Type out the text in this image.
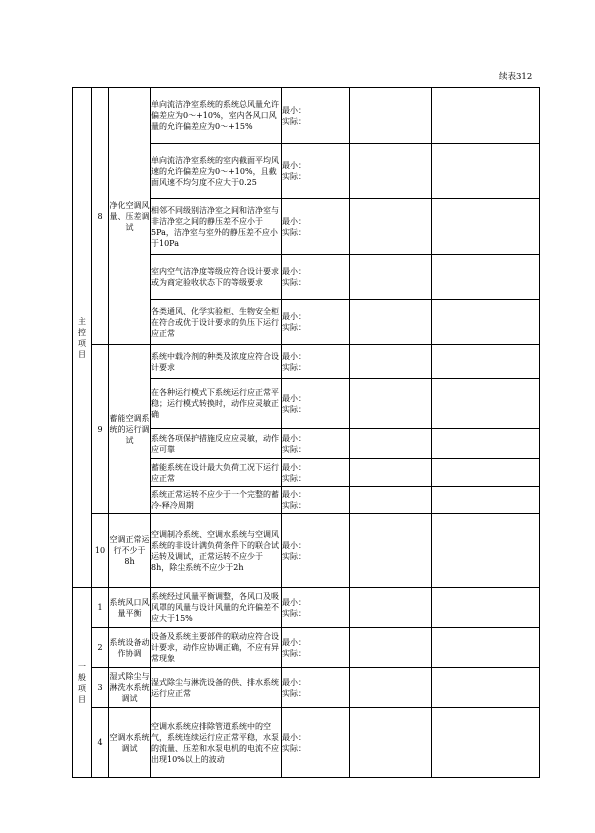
续表312
主控项目	8	净化空调风量、压差调试	单向流洁净室系统的系统总风量允许偏差应为0～+10%，室内各风口风量的允许偏差应为0～+15%	最小：
实际：		

			单向流洁净室系统的室内截面平均风速的允许偏差应为0～+10%，且截面风速不均匀度不应大于0.25	最小：
实际：		

			相邻不同级别洁净室之间和洁净室与非洁净室之间的静压差不应小于5Pa，洁净室与室外的静压差不应小于10Pa	最小：
实际：		

			室内空气洁净度等级应符合设计要求或为商定验收状态下的等级要求	最小：
实际：		

			各类通风、化学实验柜、生物安全柜在符合或优于设计要求的负压下运行应正常	最小：
实际：		

	9	蓄能空调系统的运行调试	系统中载冷剂的种类及浓度应符合设计要求	最小：
实际：		

			在各种运行模式下系统运行应正常平稳；运行模式转换时，动作应灵敏正确	最小：
实际：		

			系统各项保护措施反应应灵敏，动作应可靠	最小：
实际：		

			蓄能系统在设计最大负荷工况下运行应正常	最小：
实际：		

			系统正常运转不应少于一个完整的蓄冷-释冷周期	最小：
实际：		

	10	空调正常运行不少于8h	空调制冷系统、空调水系统与空调风系统的非设计满负荷条件下的联合试运转及调试，正常运转不应少于8h，除尘系统不应少于2h	最小：
实际：		

一般项目	1	系统风口风量平衡	系统经过风量平衡调整，各风口及吸风罩的风量与设计风量的允许偏差不应大于15%	最小：
实际：		

	2	系统设备动作协调	设备及系统主要部件的联动应符合设计要求，动作应协调正确，不应有异常现象	最小：
实际：		

	3	湿式除尘与淋洗水系统调试	湿式除尘与淋洗设备的供、排水系统运行应正常	最小：
实际：		

	4	空调水系统调试	空调水系统应排除管道系统中的空气，系统连续运行应正常平稳，水泵的流量、压差和水泵电机的电流不应出现10%以上的波动	最小：
实际：		
